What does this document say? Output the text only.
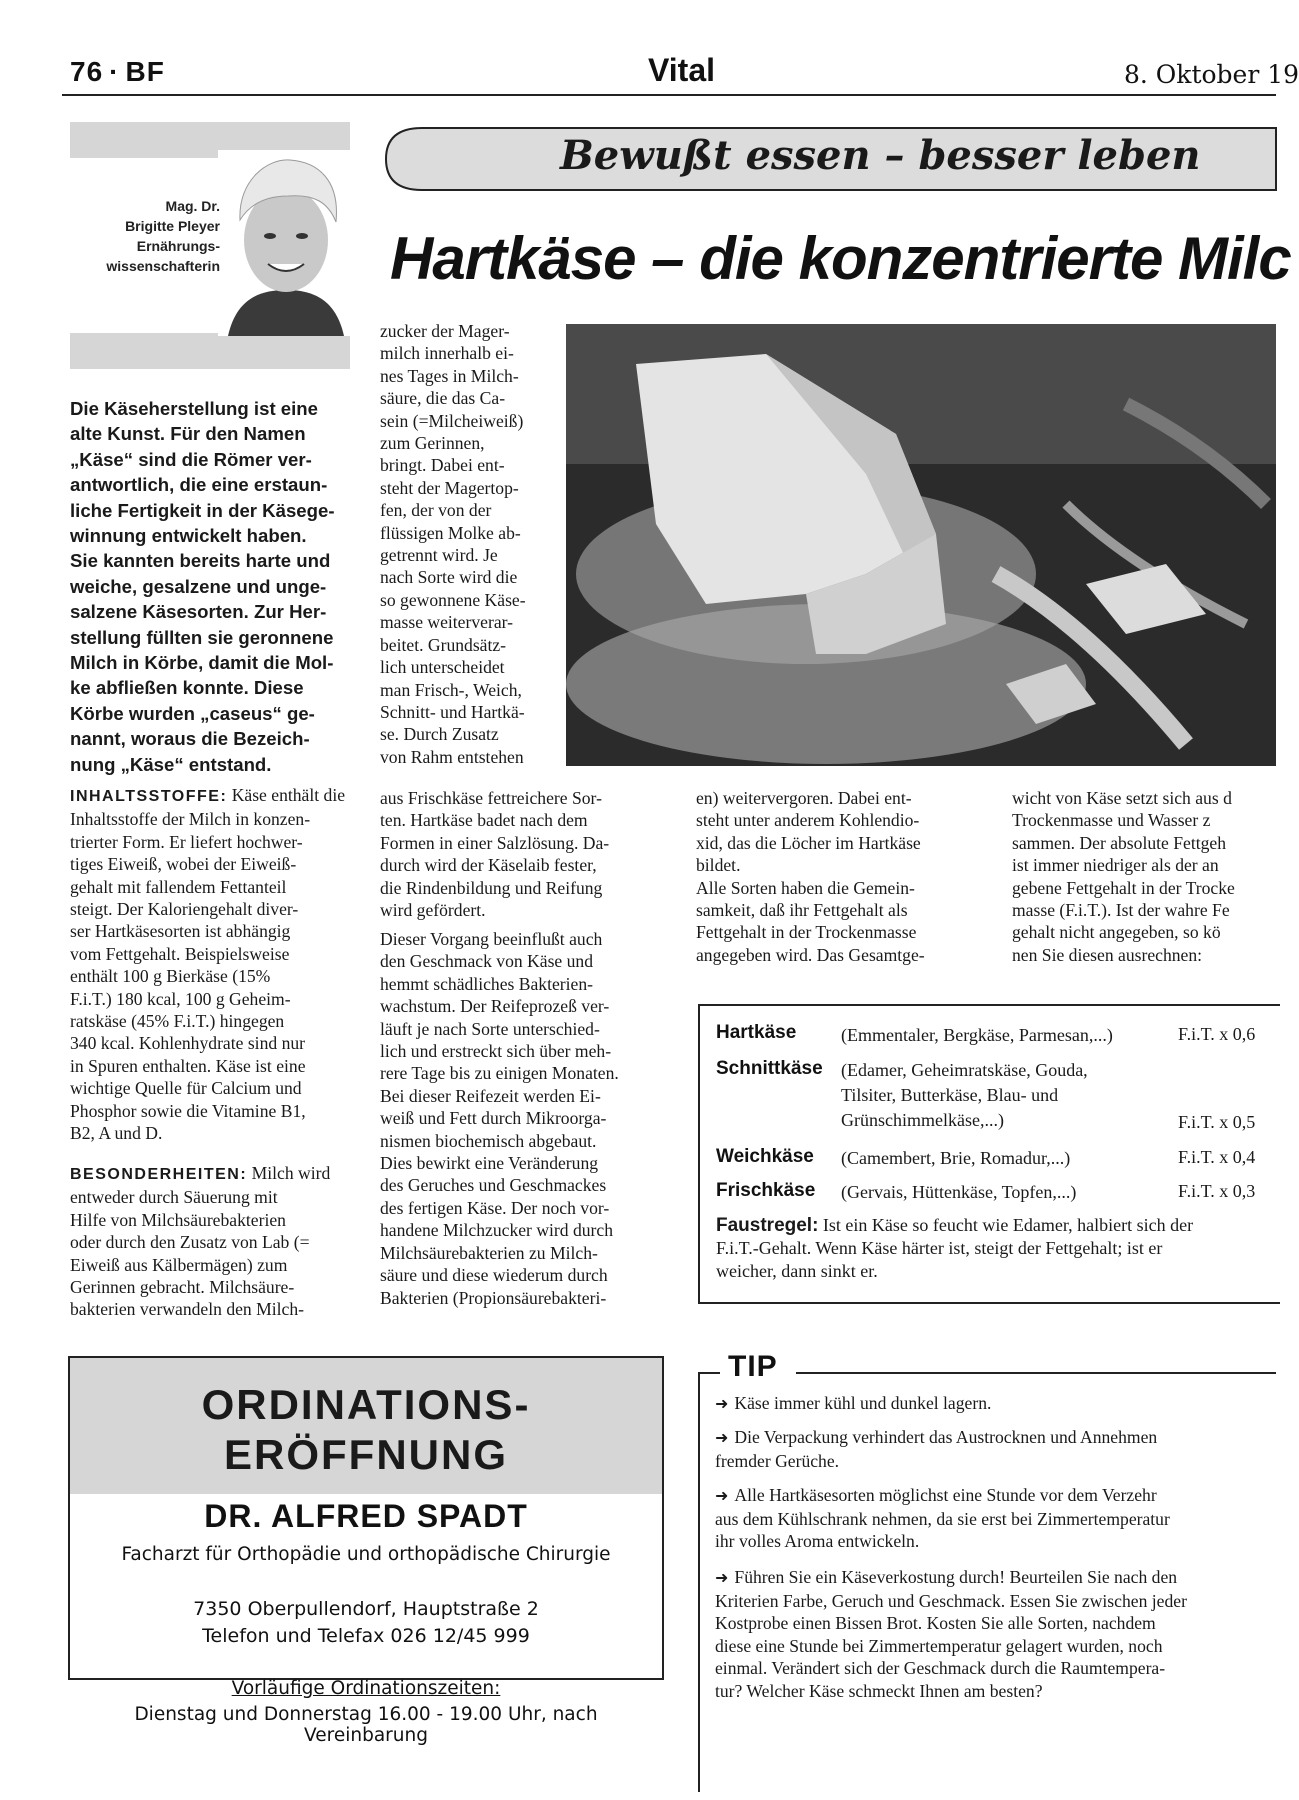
76 · BF	Vital	8. Oktober 19
Mag. Dr.
Brigitte Pleyer
Ernährungs-
wissenschafterin
Bewußt essen – besser leben
Hartkäse – die konzentrierte Milc

Die Käseherstellung ist eine
alte Kunst. Für den Namen
„Käse“ sind die Römer ver-
antwortlich, die eine erstaun-
liche Fertigkeit in der Käsege-
winnung entwickelt haben.
Sie kannten bereits harte und
weiche, gesalzene und unge-
salzene Käsesorten. Zur Her-
stellung füllten sie geronnene
Milch in Körbe, damit die Mol-
ke abfließen konnte. Diese
Körbe wurden „caseus“ ge-
nannt, woraus die Bezeich-
nung „Käse“ entstand.

INHALTSSTOFFE: Käse enthält die
Inhaltsstoffe der Milch in konzen-
trierter Form. Er liefert hochwer-
tiges Eiweiß, wobei der Eiweiß-
gehalt mit fallendem Fettanteil
steigt. Der Kaloriengehalt diver-
ser Hartkäsesorten ist abhängig
vom Fettgehalt. Beispielsweise
enthält 100 g Bierkäse (15%
F.i.T.) 180 kcal, 100 g Geheim-
ratskäse (45% F.i.T.) hingegen
340 kcal. Kohlenhydrate sind nur
in Spuren enthalten. Käse ist eine
wichtige Quelle für Calcium und
Phosphor sowie die Vitamine B1,
B2, A und D.

BESONDERHEITEN: Milch wird
entweder durch Säuerung mit
Hilfe von Milchsäurebakterien
oder durch den Zusatz von Lab (=
Eiweiß aus Kälbermägen) zum
Gerinnen gebracht. Milchsäure-
bakterien verwandeln den Milch-

zucker der Mager-
milch innerhalb ei-
nes Tages in Milch-
säure, die das Ca-
sein (=Milcheiweiß)
zum Gerinnen,
bringt. Dabei ent-
steht der Magertop-
fen, der von der
flüssigen Molke ab-
getrennt wird. Je
nach Sorte wird die
so gewonnene Käse-
masse weiterverar-
beitet. Grundsätz-
lich unterscheidet
man Frisch-, Weich,
Schnitt- und Hartkä-
se. Durch Zusatz
von Rahm entstehen

aus Frischkäse fettreichere Sor-
ten. Hartkäse badet nach dem
Formen in einer Salzlösung. Da-
durch wird der Käselaib fester,
die Rindenbildung und Reifung
wird gefördert.

Dieser Vorgang beeinflußt auch
den Geschmack von Käse und
hemmt schädliches Bakterien-
wachstum. Der Reifeprozeß ver-
läuft je nach Sorte unterschied-
lich und erstreckt sich über meh-
rere Tage bis zu einigen Monaten.
Bei dieser Reifezeit werden Ei-
weiß und Fett durch Mikroorga-
nismen biochemisch abgebaut.
Dies bewirkt eine Veränderung
des Geruches und Geschmackes
des fertigen Käse. Der noch vor-
handene Milchzucker wird durch
Milchsäurebakterien zu Milch-
säure und diese wiederum durch
Bakterien (Propionsäurebakteri-

en) weitervergoren. Dabei ent-
steht unter anderem Kohlendio-
xid, das die Löcher im Hartkäse
bildet.
Alle Sorten haben die Gemein-
samkeit, daß ihr Fettgehalt als
Fettgehalt in der Trockenmasse
angegeben wird. Das Gesamtge-

wicht von Käse setzt sich aus d
Trockenmasse und Wasser z
sammen. Der absolute Fettgeh
ist immer niedriger als der an
gebene Fettgehalt in der Trocke
masse (F.i.T.). Ist der wahre Fe
gehalt nicht angegeben, so kö
nen Sie diesen ausrechnen:

Hartkäse (Emmentaler, Bergkäse, Parmesan,...)	F.i.T. x 0,6
Schnittkäse (Edamer, Geheimratskäse, Gouda,
Tilsiter, Butterkäse, Blau- und
Grünschimmelkäse,...)	F.i.T. x 0,5
Weichkäse (Camembert, Brie, Romadur,...)	F.i.T. x 0,4
Frischkäse (Gervais, Hüttenkäse, Topfen,...)	F.i.T. x 0,3

Faustregel: Ist ein Käse so feucht wie Edamer, halbiert sich der
F.i.T.-Gehalt. Wenn Käse härter ist, steigt der Fettgehalt; ist er
weicher, dann sinkt er.

TIP
➜ Käse immer kühl und dunkel lagern.
➜ Die Verpackung verhindert das Austrocknen und Annehmen
fremder Gerüche.
➜ Alle Hartkäsesorten möglichst eine Stunde vor dem Verzehr
aus dem Kühlschrank nehmen, da sie erst bei Zimmertemperatur
ihr volles Aroma entwickeln.
➜ Führen Sie ein Käseverkostung durch! Beurteilen Sie nach den
Kriterien Farbe, Geruch und Geschmack. Essen Sie zwischen jeder
Kostprobe einen Bissen Brot. Kosten Sie alle Sorten, nachdem
diese eine Stunde bei Zimmertemperatur gelagert wurden, noch
einmal. Verändert sich der Geschmack durch die Raumtempera-
tur? Welcher Käse schmeckt Ihnen am besten?
ORDINATIONS-
ERÖFFNUNG
DR. ALFRED SPADT
Facharzt für Orthopädie und orthopädische Chirurgie
7350 Oberpullendorf, Hauptstraße 2
Telefon und Telefax 026 12/45 999
Vorläufige Ordinationszeiten:
Dienstag und Donnerstag 16.00 - 19.00 Uhr, nach Vereinbarung
